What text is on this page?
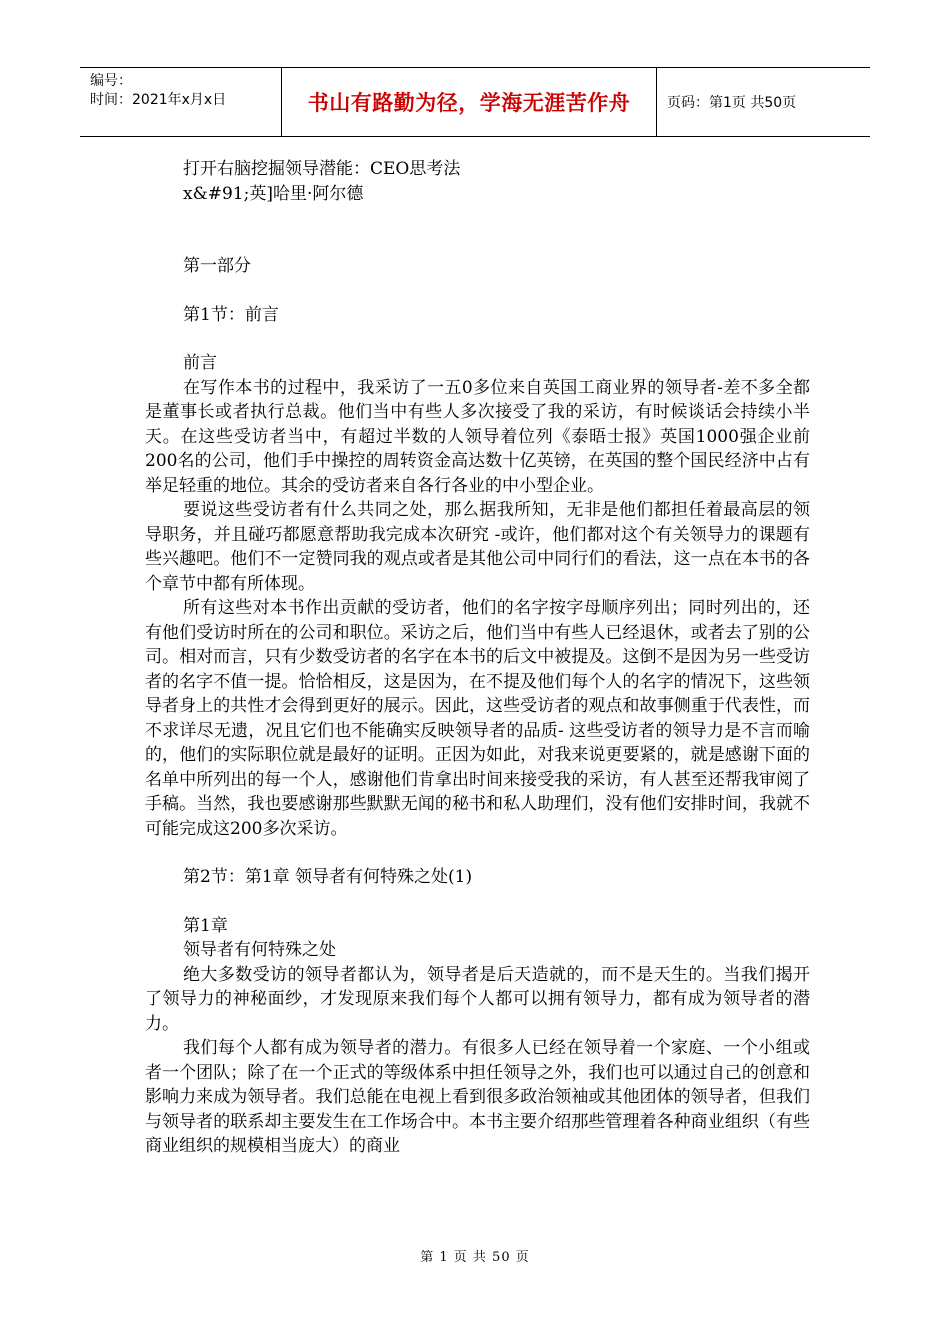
编号：
时间：2021年x月x日	书山有路勤为径，学海无涯苦作舟	页码：第1页 共50页

打开右脑挖掘领导潜能：CEO思考法

x&#91;英]哈里·阿尔德

第一部分

第1节：前言

前言

在写作本书的过程中，我采访了一五0多位来自英国工商业界的领导者-差不多全都是董事长或者执行总裁。他们当中有些人多次接受了我的采访，有时候谈话会持续小半天。在这些受访者当中，有超过半数的人领导着位列《泰晤士报》英国1000强企业前200名的公司，他们手中操控的周转资金高达数十亿英镑，在英国的整个国民经济中占有举足轻重的地位。其余的受访者来自各行各业的中小型企业。

要说这些受访者有什么共同之处，那么据我所知，无非是他们都担任着最高层的领导职务，并且碰巧都愿意帮助我完成本次研究 -或许，他们都对这个有关领导力的课题有些兴趣吧。他们不一定赞同我的观点或者是其他公司中同行们的看法，这一点在本书的各个章节中都有所体现。

所有这些对本书作出贡献的受访者，他们的名字按字母顺序列出；同时列出的，还有他们受访时所在的公司和职位。采访之后，他们当中有些人已经退休，或者去了别的公司。相对而言，只有少数受访者的名字在本书的后文中被提及。这倒不是因为另一些受访者的名字不值一提。恰恰相反，这是因为，在不提及他们每个人的名字的情况下，这些领导者身上的共性才会得到更好的展示。因此，这些受访者的观点和故事侧重于代表性，而不求详尽无遗，况且它们也不能确实反映领导者的品质- 这些受访者的领导力是不言而喻的，他们的实际职位就是最好的证明。正因为如此，对我来说更要紧的，就是感谢下面的名单中所列出的每一个人，感谢他们肯拿出时间来接受我的采访，有人甚至还帮我审阅了手稿。当然，我也要感谢那些默默无闻的秘书和私人助理们，没有他们安排时间，我就不可能完成这200多次采访。

第2节：第1章 领导者有何特殊之处(1)

第1章

领导者有何特殊之处

绝大多数受访的领导者都认为，领导者是后天造就的，而不是天生的。当我们揭开了领导力的神秘面纱，才发现原来我们每个人都可以拥有领导力，都有成为领导者的潜力。

我们每个人都有成为领导者的潜力。有很多人已经在领导着一个家庭、一个小组或者一个团队；除了在一个正式的等级体系中担任领导之外，我们也可以通过自己的创意和影响力来成为领导者。我们总能在电视上看到很多政治领袖或其他团体的领导者，但我们与领导者的联系却主要发生在工作场合中。本书主要介绍那些管理着各种商业组织（有些商业组织的规模相当庞大）的商业

第 1 页 共 50 页
